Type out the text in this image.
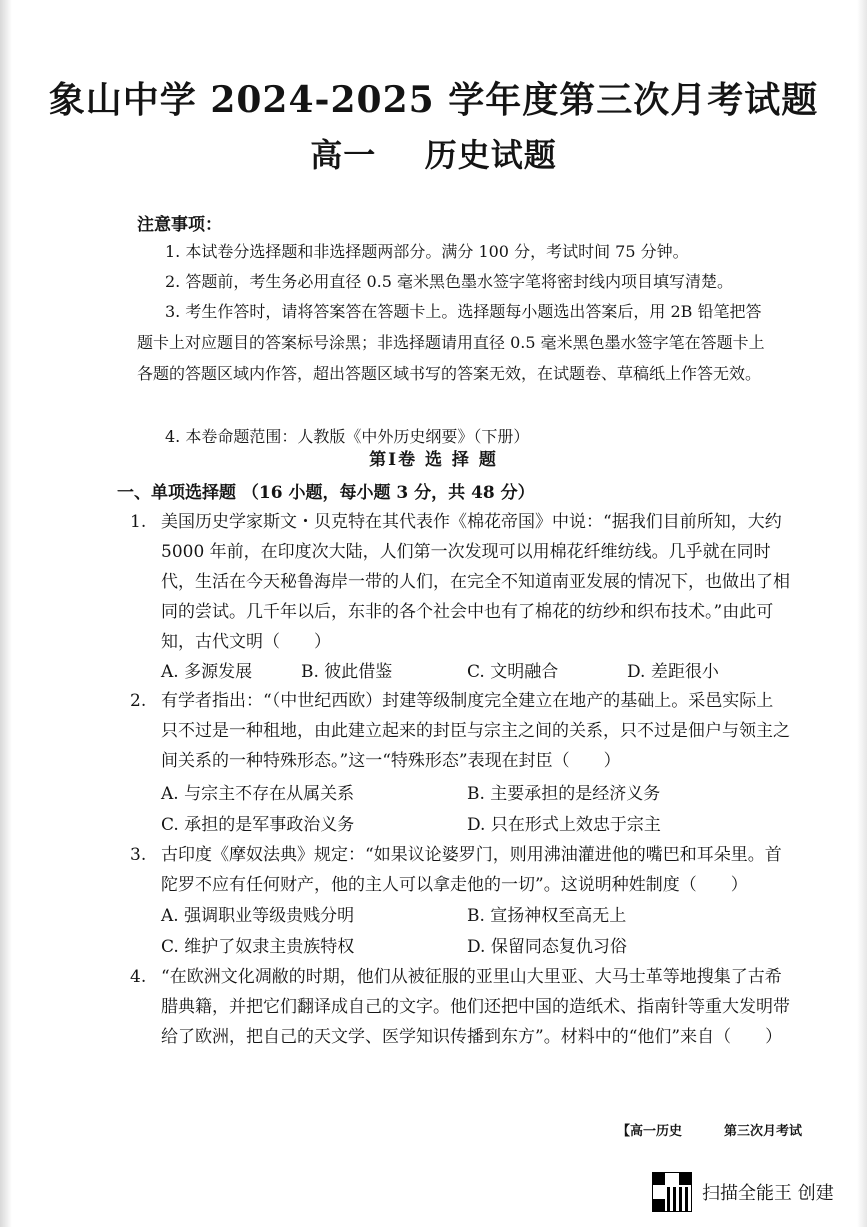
象山中学 2024-2025 学年度第三次月考试题
高一 历史试题
注意事项：
1. 本试卷分选择题和非选择题两部分。满分 100 分，考试时间 75 分钟。
2. 答题前，考生务必用直径 0.5 毫米黑色墨水签字笔将密封线内项目填写清楚。
3. 考生作答时，请将答案答在答题卡上。选择题每小题选出答案后，用 2B 铅笔把答题卡上对应题目的答案标号涂黑；非选择题请用直径 0.5 毫米黑色墨水签字笔在答题卡上各题的答题区域内作答，超出答题区域书写的答案无效，在试题卷、草稿纸上作答无效。
4. 本卷命题范围：人教版《中外历史纲要》（下册）
第Ⅰ卷 选 择 题
一、单项选择题 （16 小题，每小题 3 分，共 48 分）
1. 美国历史学家斯文・贝克特在其代表作《棉花帝国》中说：“据我们目前所知，大约 5000 年前，在印度次大陆，人们第一次发现可以用棉花纤维纺线。几乎就在同时代，生活在今天秘鲁海岸一带的人们，在完全不知道南亚发展的情况下，也做出了相同的尝试。几千年以后，东非的各个社会中也有了棉花的纺纱和织布技术。”由此可知，古代文明（　　）
A. 多源发展	B. 彼此借鉴	C. 文明融合	D. 差距很小
2. 有学者指出：“（中世纪西欧）封建等级制度完全建立在地产的基础上。采邑实际上只不过是一种租地，由此建立起来的封臣与宗主之间的关系，只不过是佃户与领主之间关系的一种特殊形态。”这一“特殊形态”表现在封臣（　　）
A. 与宗主不存在从属关系	B. 主要承担的是经济义务
C. 承担的是军事政治义务	D. 只在形式上效忠于宗主
3. 古印度《摩奴法典》规定：“如果议论婆罗门，则用沸油灌进他的嘴巴和耳朵里。首陀罗不应有任何财产，他的主人可以拿走他的一切”。这说明种姓制度（　　）
A. 强调职业等级贵贱分明	B. 宣扬神权至高无上
C. 维护了奴隶主贵族特权	D. 保留同态复仇习俗
4. “在欧洲文化凋敝的时期，他们从被征服的亚里山大里亚、大马士革等地搜集了古希腊典籍，并把它们翻译成自己的文字。他们还把中国的造纸术、指南针等重大发明带给了欧洲，把自己的天文学、医学知识传播到东方”。材料中的“他们”来自（　　）
【高一历史	第三次月考试
扫描全能王 创建
